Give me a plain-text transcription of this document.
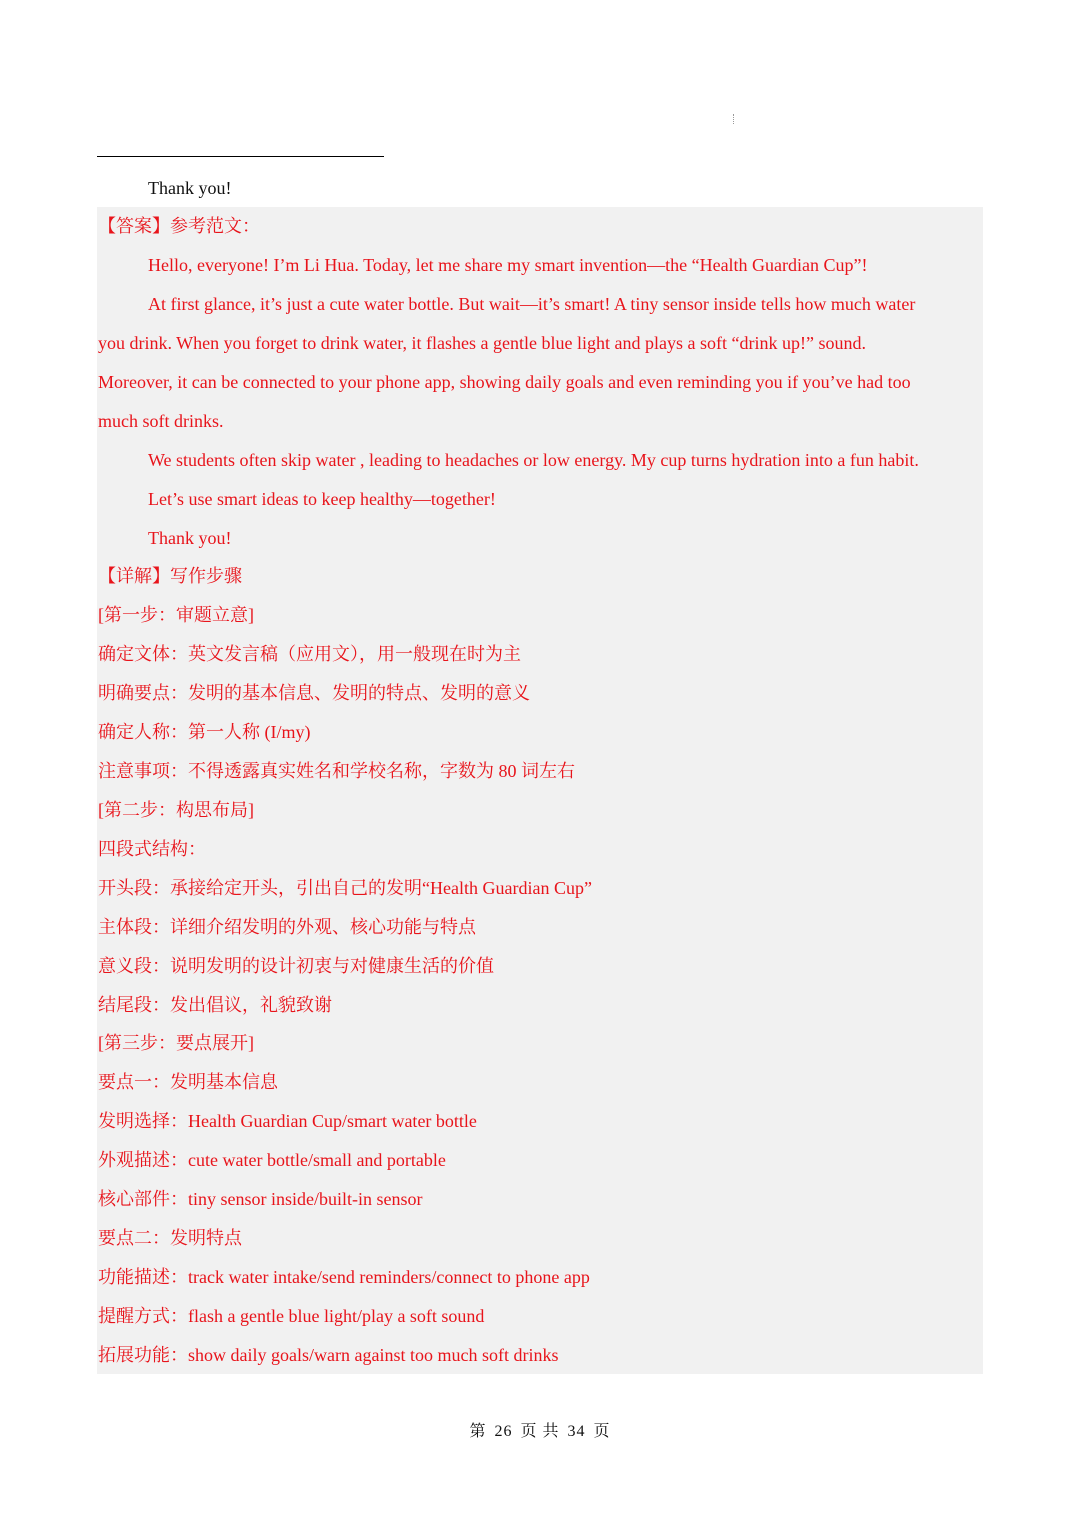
Thank you!
【答案】参考范文：
Hello, everyone! I’m Li Hua. Today, let me share my smart invention—the “Health Guardian Cup”!
At first glance, it’s just a cute water bottle. But wait—it’s smart! A tiny sensor inside tells how much water
you drink. When you forget to drink water, it flashes a gentle blue light and plays a soft “drink up!” sound.
Moreover, it can be connected to your phone app, showing daily goals and even reminding you if you’ve had too
much soft drinks.
We students often skip water , leading to headaches or low energy. My cup turns hydration into a fun habit.
Let’s use smart ideas to keep healthy—together!
Thank you!
【详解】写作步骤
[第一步：审题立意]
确定文体：英文发言稿（应用文），用一般现在时为主
明确要点：发明的基本信息、发明的特点、发明的意义
确定人称：第一人称 (I/my)
注意事项：不得透露真实姓名和学校名称，字数为 80 词左右
[第二步：构思布局]
四段式结构：
开头段：承接给定开头，引出自己的发明“Health Guardian Cup”
主体段：详细介绍发明的外观、核心功能与特点
意义段：说明发明的设计初衷与对健康生活的价值
结尾段：发出倡议，礼貌致谢
[第三步：要点展开]
要点一：发明基本信息
发明选择：Health Guardian Cup/smart water bottle
外观描述：cute water bottle/small and portable
核心部件：tiny sensor inside/built-in sensor
要点二：发明特点
功能描述：track water intake/send reminders/connect to phone app
提醒方式：flash a gentle blue light/play a soft sound
拓展功能：show daily goals/warn against too much soft drinks
第 26 页 共 34 页
